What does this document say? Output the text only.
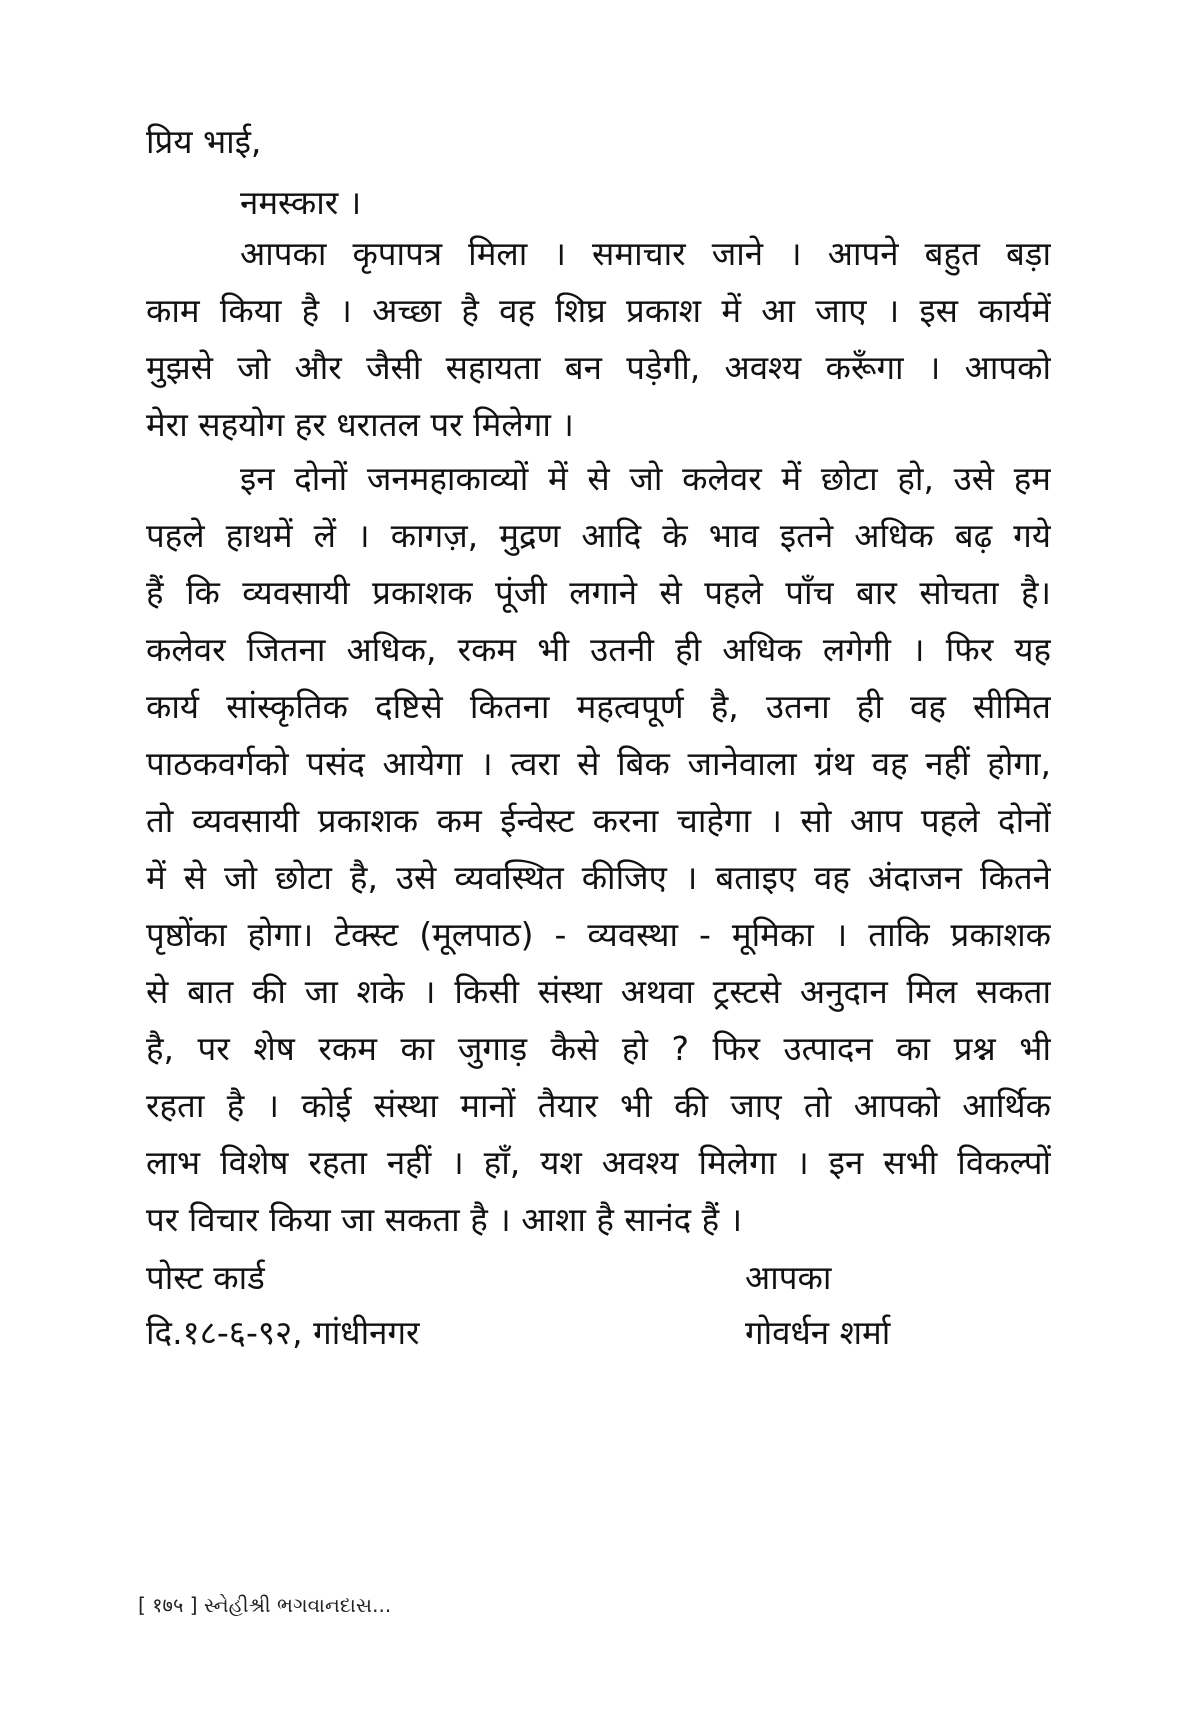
प्रिय भाई,
नमस्कार ।
आपका कृपापत्र मिला । समाचार जाने । आपने बहुत बड़ा
काम किया है । अच्छा है वह शिघ्र प्रकाश में आ जाए । इस कार्यमें
मुझसे जो और जैसी सहायता बन पड़ेगी, अवश्य करूँगा । आपको
मेरा सहयोग हर धरातल पर मिलेगा ।
इन दोनों जनमहाकाव्यों में से जो कलेवर में छोटा हो, उसे हम
पहले हाथमें लें । कागज़, मुद्रण आदि के भाव इतने अधिक बढ़ गये
हैं कि व्यवसायी प्रकाशक पूंजी लगाने से पहले पाँच बार सोचता है।
कलेवर जितना अधिक, रकम भी उतनी ही अधिक लगेगी । फिर यह
कार्य सांस्कृतिक दष्टिसे कितना महत्वपूर्ण है, उतना ही वह सीमित
पाठकवर्गको पसंद आयेगा । त्वरा से बिक जानेवाला ग्रंथ वह नहीं होगा,
तो व्यवसायी प्रकाशक कम ईन्वेस्ट करना चाहेगा । सो आप पहले दोनों
में से जो छोटा है, उसे व्यवस्थित कीजिए । बताइए वह अंदाजन कितने
पृष्ठोंका होगा। टेक्स्ट (मूलपाठ) - व्यवस्था - मूमिका । ताकि प्रकाशक
से बात की जा शके । किसी संस्था अथवा ट्रस्टसे अनुदान मिल सकता
है, पर शेष रकम का जुगाड़ कैसे हो ? फिर उत्पादन का प्रश्न भी
रहता है । कोई संस्था मानों तैयार भी की जाए तो आपको आर्थिक
लाभ विशेष रहता नहीं । हाँ, यश अवश्य मिलेगा । इन सभी विकल्पों
पर विचार किया जा सकता है । आशा है सानंद हैं ।
पोस्ट कार्ड
दि.१८-६-९२, गांधीनगर
आपका
गोवर्धन शर्मा
[ १७५ ] સ્નેહીશ્રી ભગવાનદાસ...
